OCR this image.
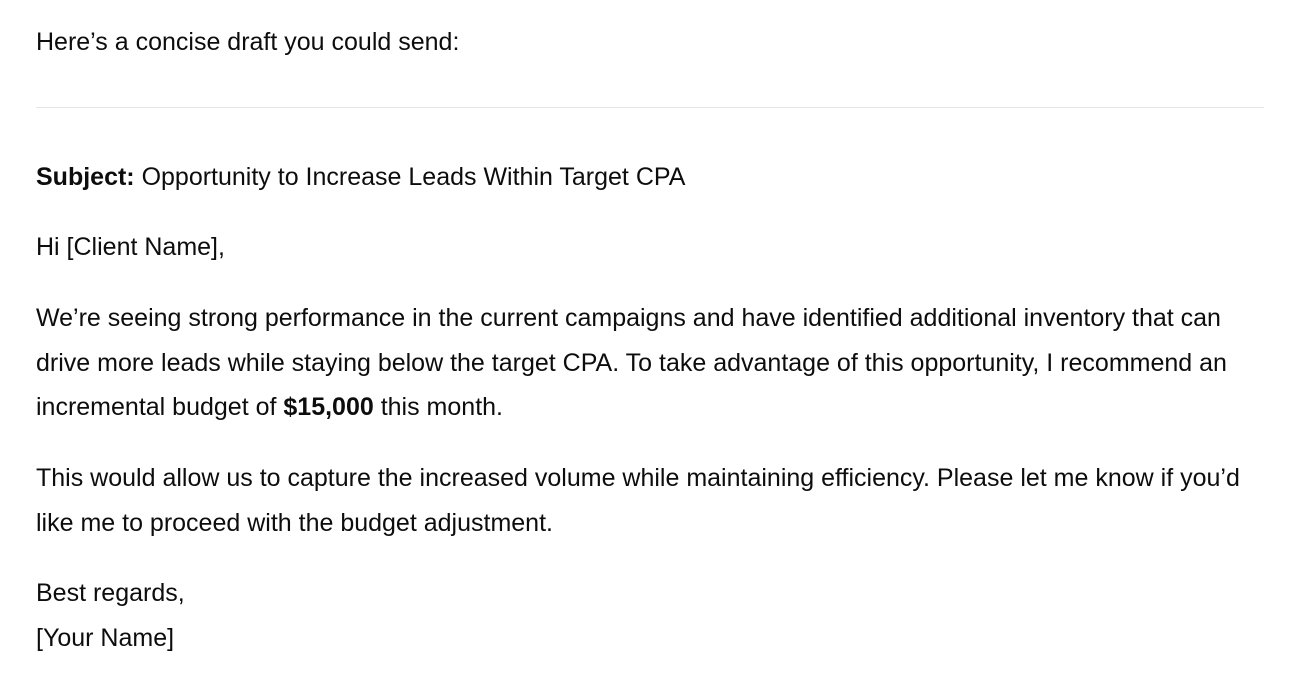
Here’s a concise draft you could send:

Subject: Opportunity to Increase Leads Within Target CPA

Hi [Client Name],

We’re seeing strong performance in the current campaigns and have identified additional inventory that can drive more leads while staying below the target CPA. To take advantage of this opportunity, I recommend an incremental budget of $15,000 this month.

This would allow us to capture the increased volume while maintaining efficiency. Please let me know if you’d like me to proceed with the budget adjustment.

Best regards,
[Your Name]
